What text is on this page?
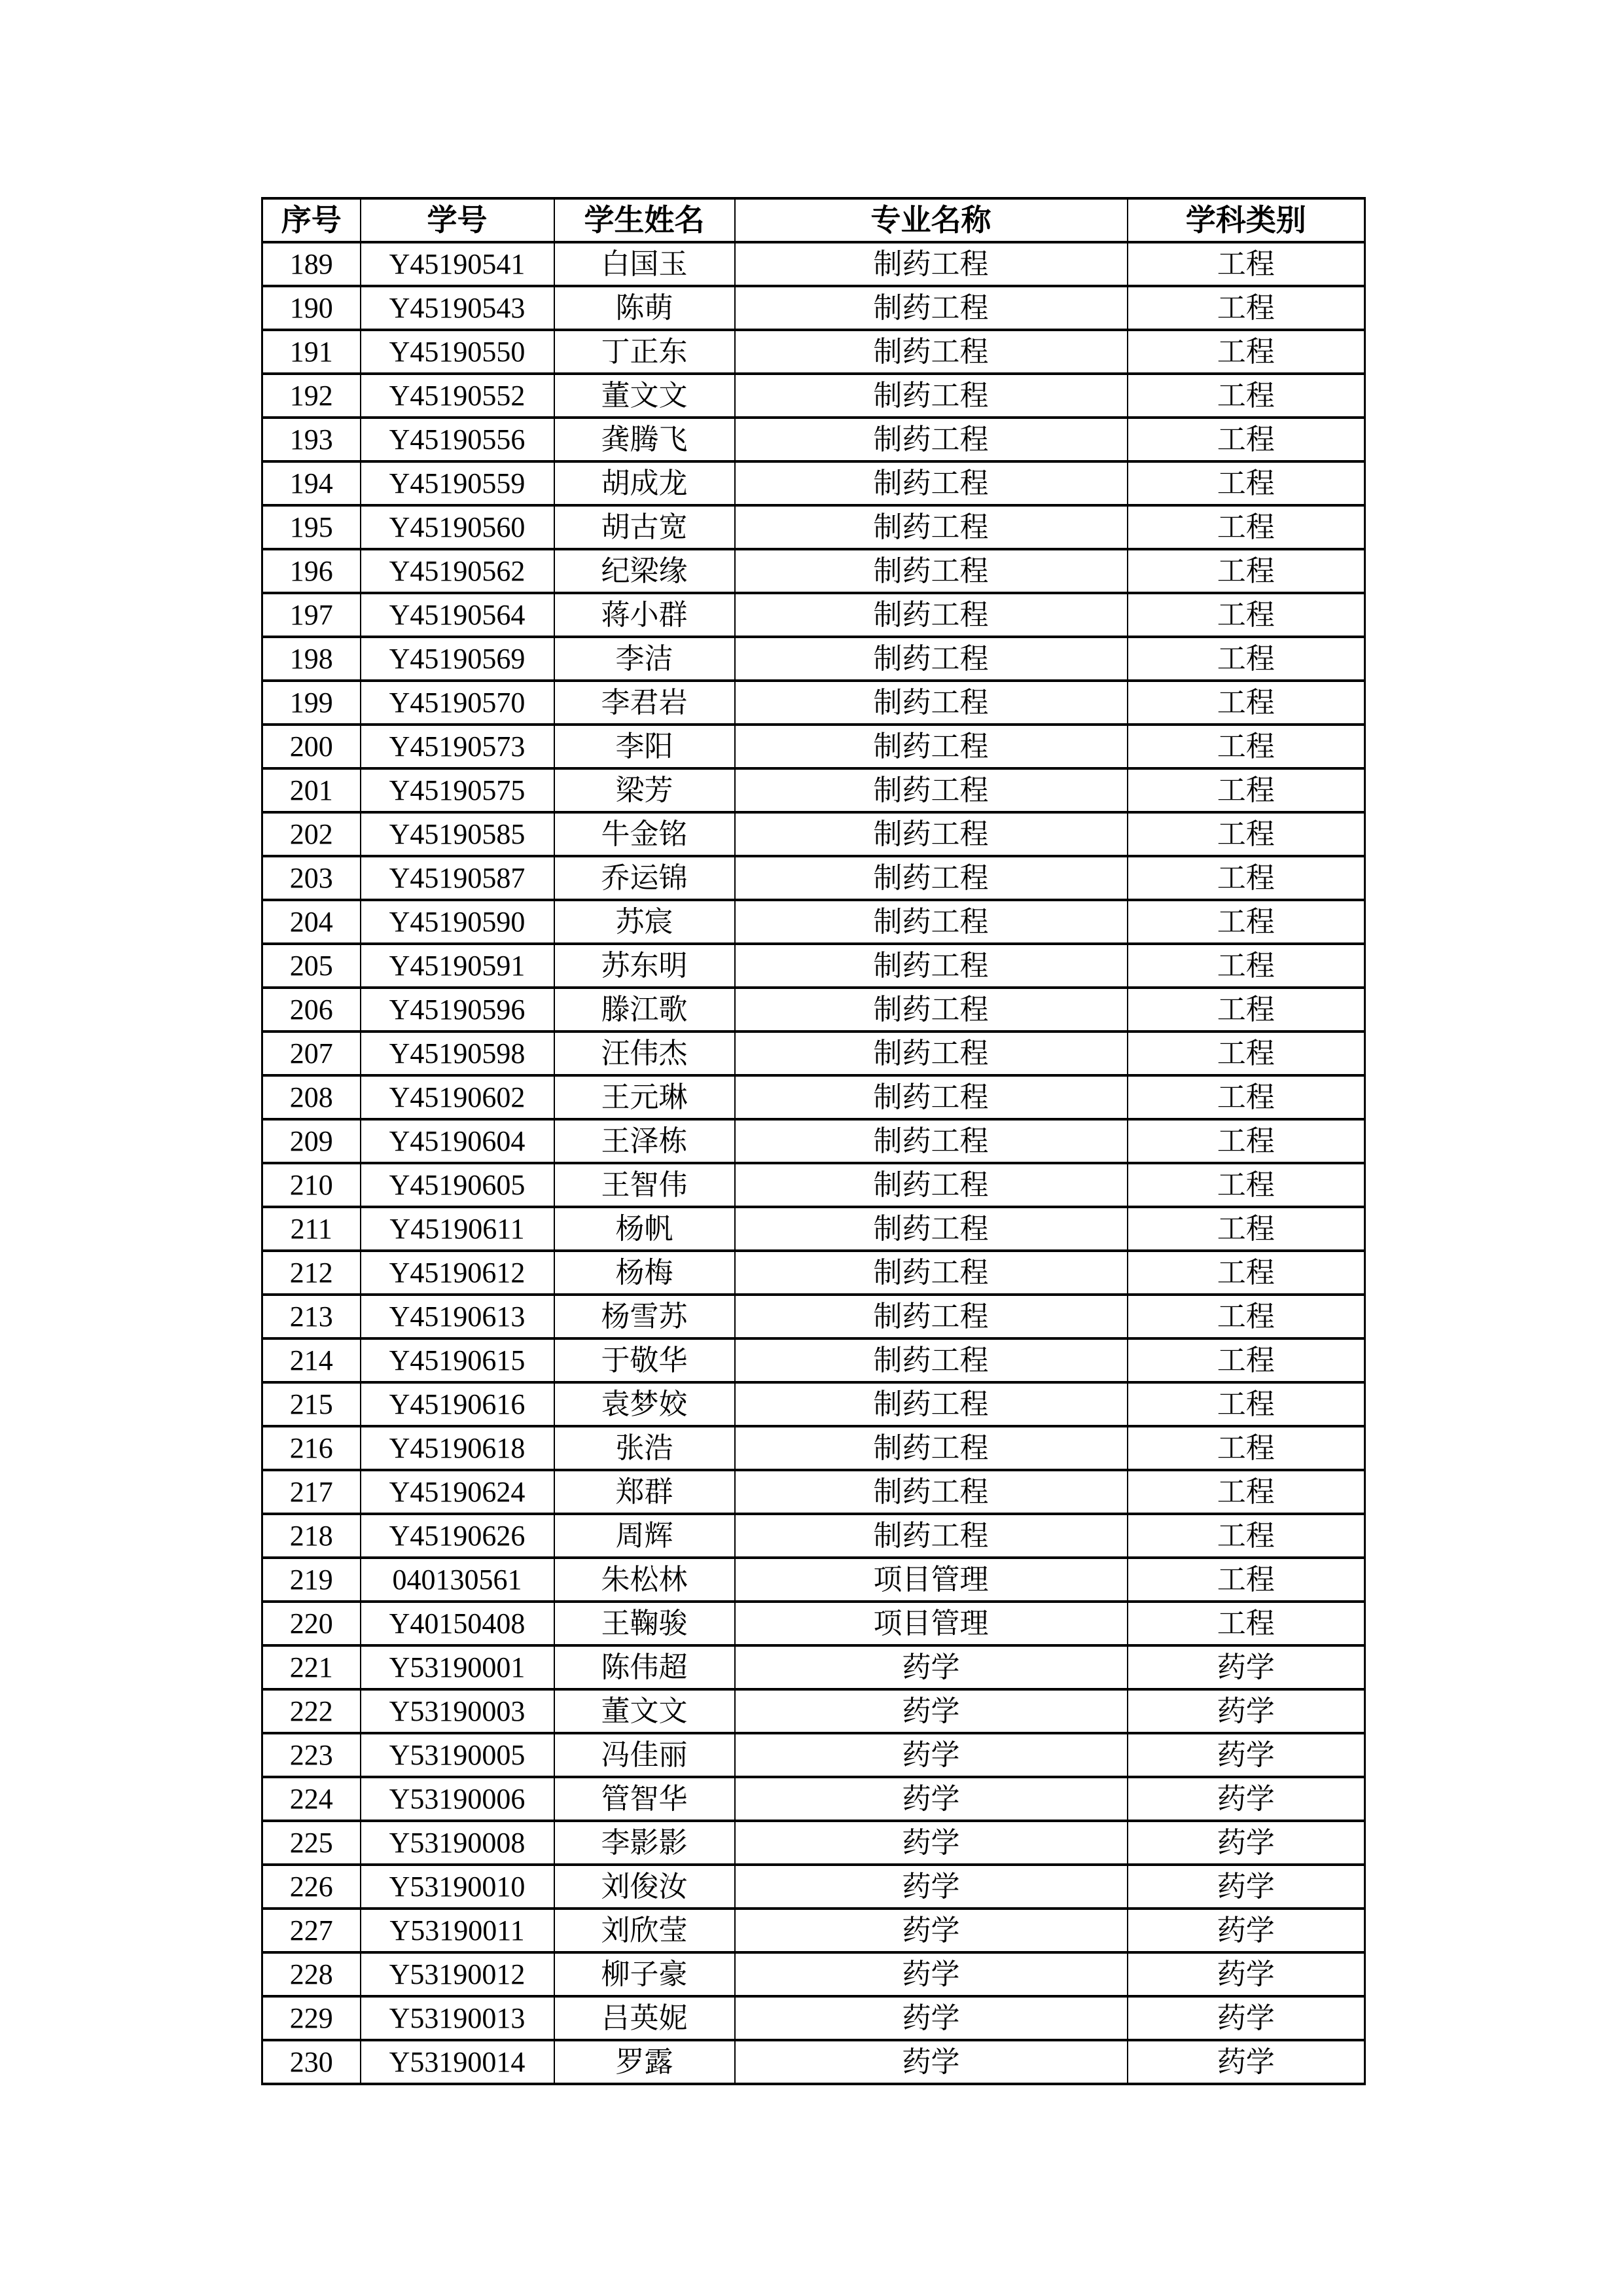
序号	学号	学生姓名	专业名称	学科类别
189	Y45190541	白国玉	制药工程	工程
190	Y45190543	陈萌	制药工程	工程
191	Y45190550	丁正东	制药工程	工程
192	Y45190552	董文文	制药工程	工程
193	Y45190556	龚腾飞	制药工程	工程
194	Y45190559	胡成龙	制药工程	工程
195	Y45190560	胡古宽	制药工程	工程
196	Y45190562	纪梁缘	制药工程	工程
197	Y45190564	蒋小群	制药工程	工程
198	Y45190569	李洁	制药工程	工程
199	Y45190570	李君岩	制药工程	工程
200	Y45190573	李阳	制药工程	工程
201	Y45190575	梁芳	制药工程	工程
202	Y45190585	牛金铭	制药工程	工程
203	Y45190587	乔运锦	制药工程	工程
204	Y45190590	苏宸	制药工程	工程
205	Y45190591	苏东明	制药工程	工程
206	Y45190596	滕江歌	制药工程	工程
207	Y45190598	汪伟杰	制药工程	工程
208	Y45190602	王元琳	制药工程	工程
209	Y45190604	王泽栋	制药工程	工程
210	Y45190605	王智伟	制药工程	工程
211	Y45190611	杨帆	制药工程	工程
212	Y45190612	杨梅	制药工程	工程
213	Y45190613	杨雪苏	制药工程	工程
214	Y45190615	于敬华	制药工程	工程
215	Y45190616	袁梦姣	制药工程	工程
216	Y45190618	张浩	制药工程	工程
217	Y45190624	郑群	制药工程	工程
218	Y45190626	周辉	制药工程	工程
219	040130561	朱松林	项目管理	工程
220	Y40150408	王鞠骏	项目管理	工程
221	Y53190001	陈伟超	药学	药学
222	Y53190003	董文文	药学	药学
223	Y53190005	冯佳丽	药学	药学
224	Y53190006	管智华	药学	药学
225	Y53190008	李影影	药学	药学
226	Y53190010	刘俊汝	药学	药学
227	Y53190011	刘欣莹	药学	药学
228	Y53190012	柳子豪	药学	药学
229	Y53190013	吕英妮	药学	药学
230	Y53190014	罗露	药学	药学
